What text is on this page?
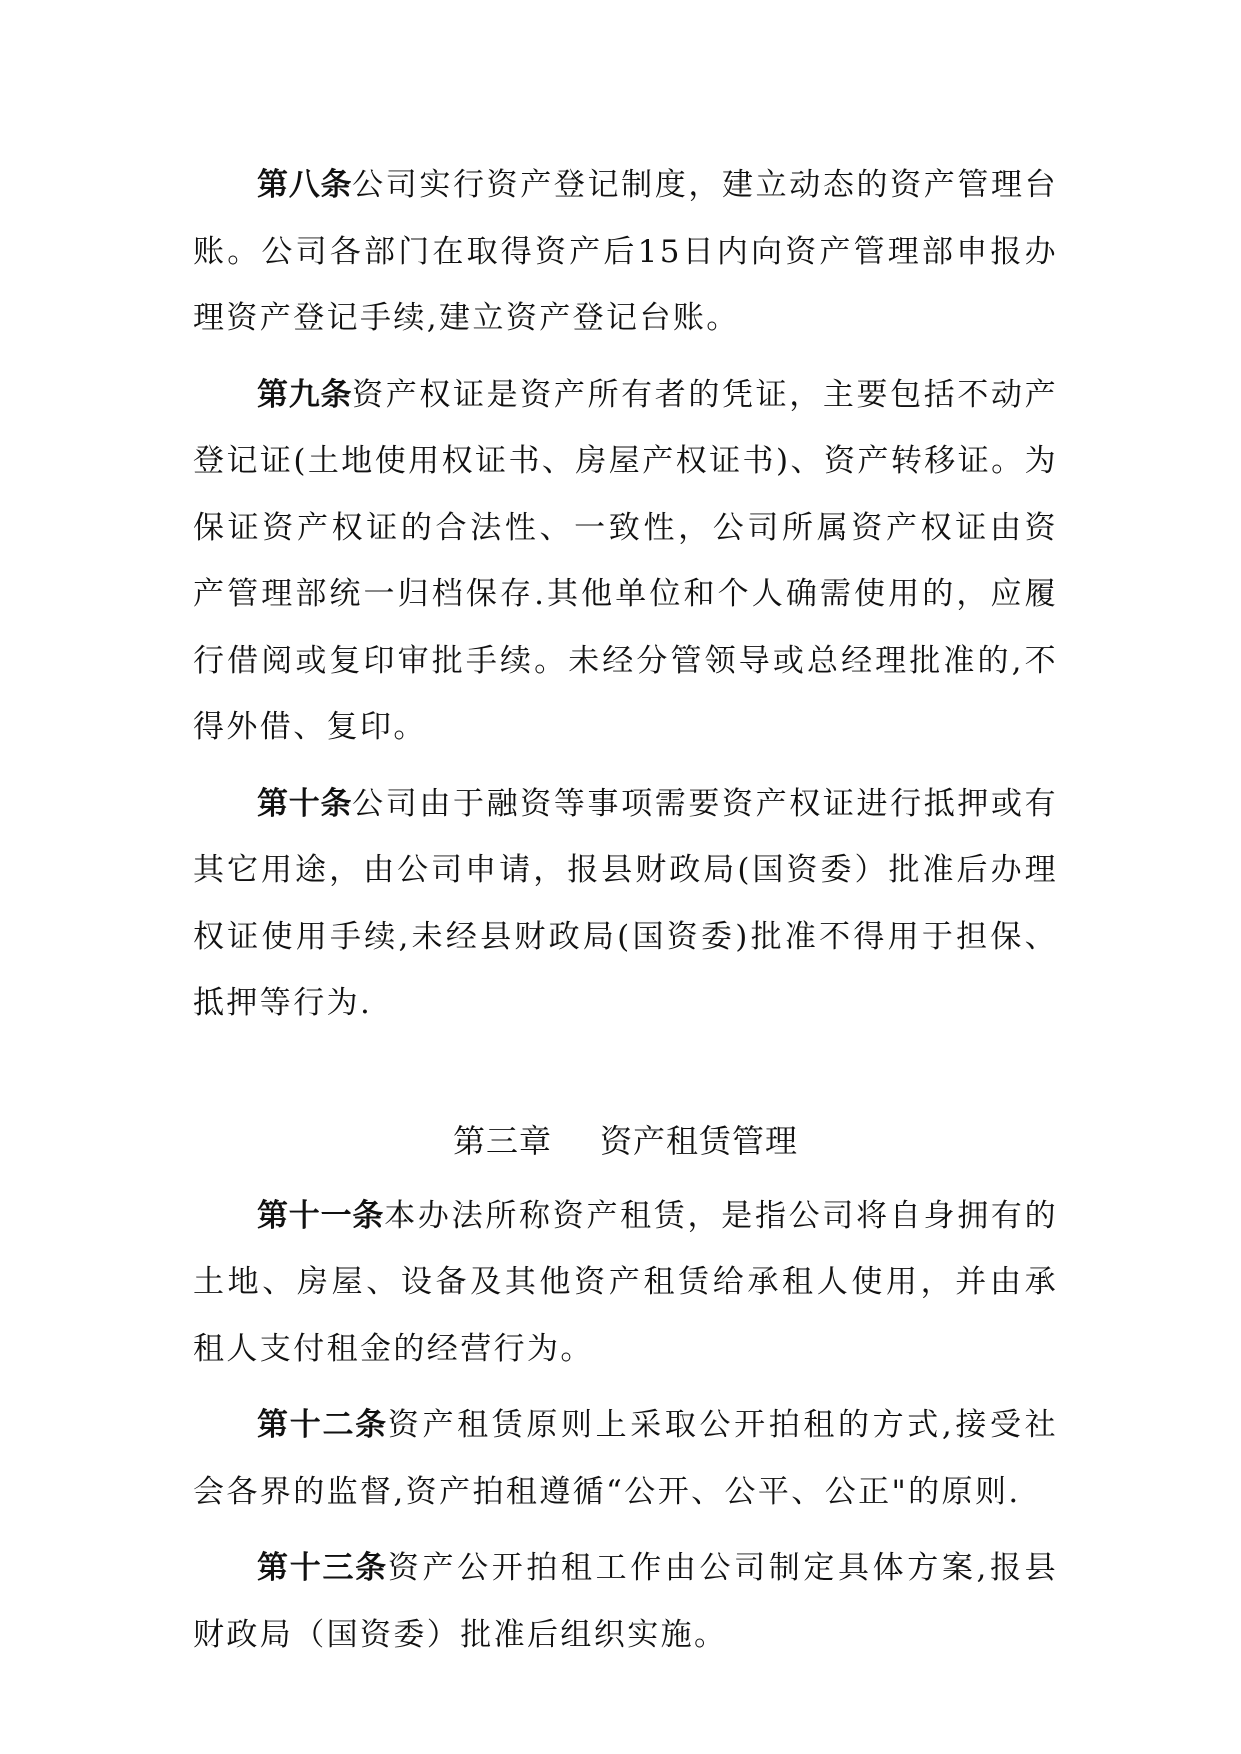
第八条公司实行资产登记制度，建立动态的资产管理台账。公司各部门在取得资产后15日内向资产管理部申报办理资产登记手续,建立资产登记台账。

第九条资产权证是资产所有者的凭证，主要包括不动产登记证(土地使用权证书、房屋产权证书)、资产转移证。为保证资产权证的合法性、一致性，公司所属资产权证由资产管理部统一归档保存.其他单位和个人确需使用的，应履行借阅或复印审批手续。未经分管领导或总经理批准的,不得外借、复印。

第十条公司由于融资等事项需要资产权证进行抵押或有其它用途，由公司申请，报县财政局(国资委）批准后办理权证使用手续,未经县财政局(国资委)批准不得用于担保、抵押等行为.

第三章 资产租赁管理

第十一条本办法所称资产租赁，是指公司将自身拥有的土地、房屋、设备及其他资产租赁给承租人使用，并由承租人支付租金的经营行为。

第十二条资产租赁原则上采取公开拍租的方式,接受社会各界的监督,资产拍租遵循“公开、公平、公正"的原则.

第十三条资产公开拍租工作由公司制定具体方案,报县财政局（国资委）批准后组织实施。
